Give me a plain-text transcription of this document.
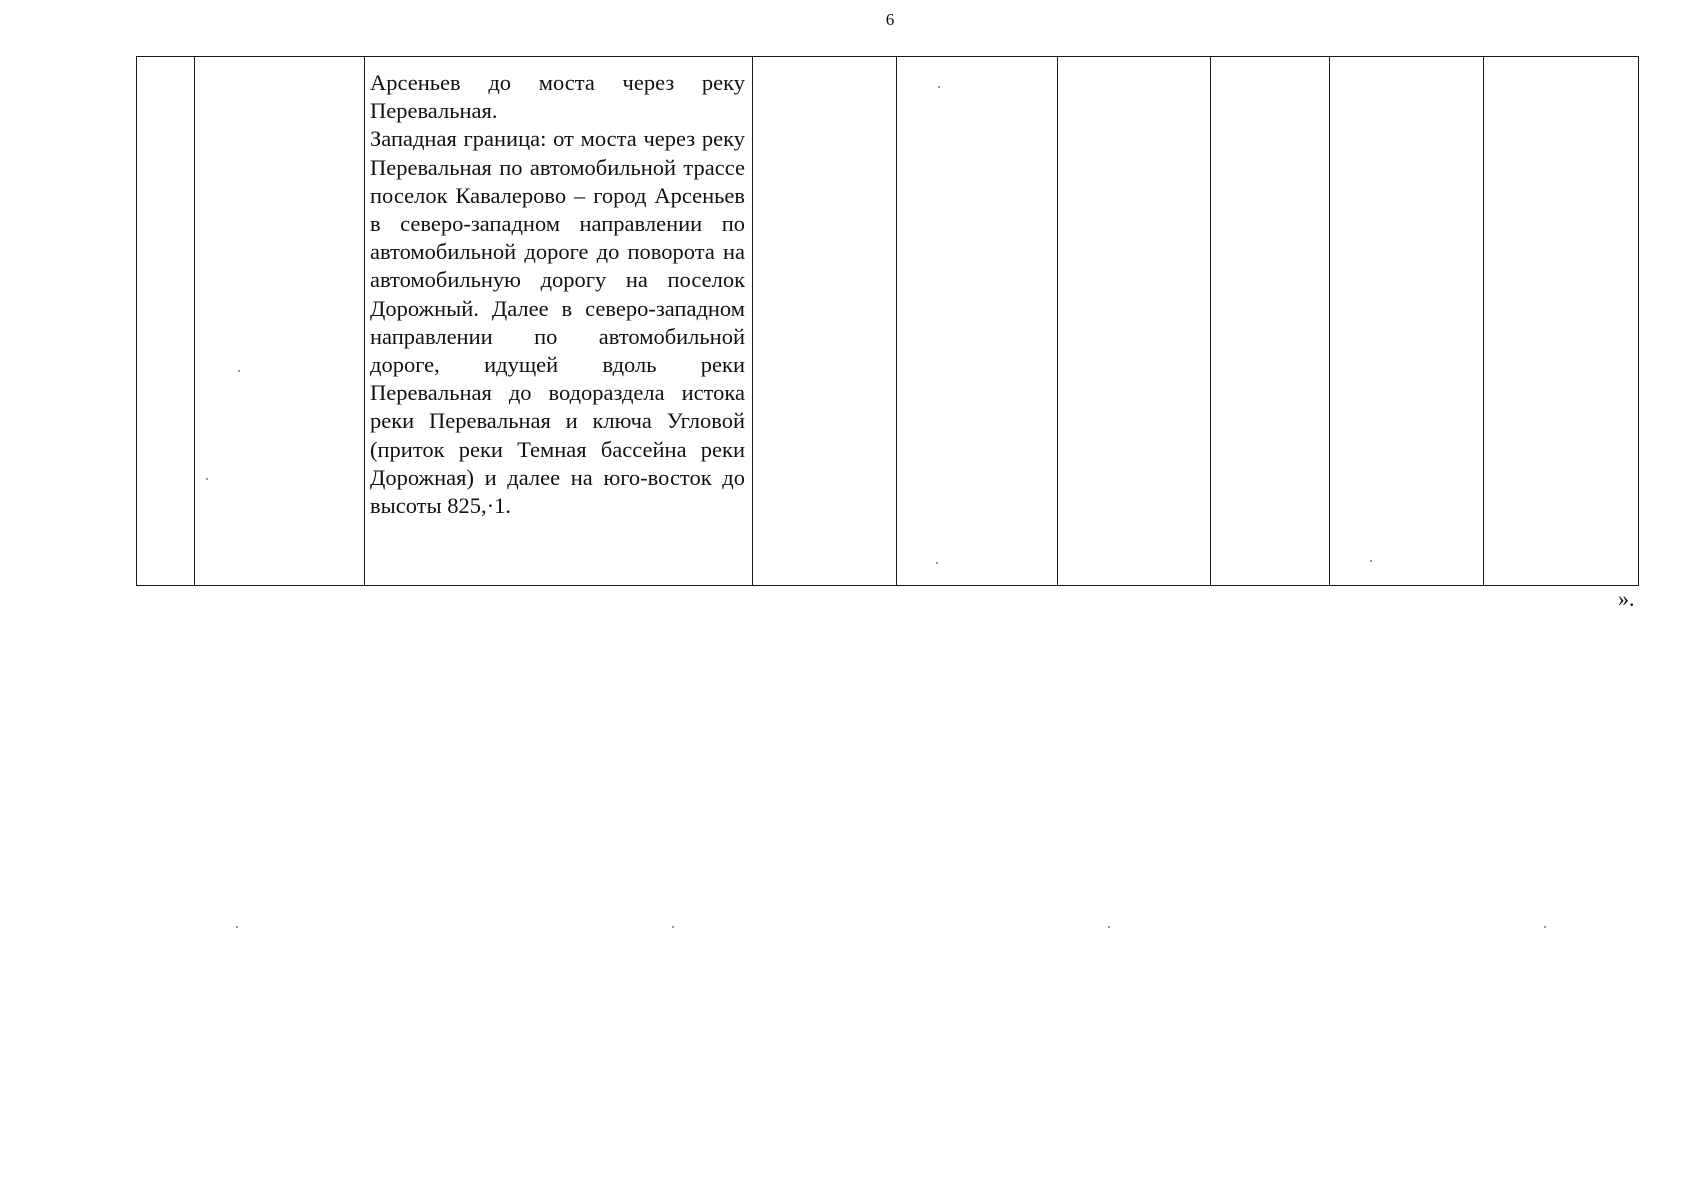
6

Арсеньев до моста через реку Перевальная.

Западная граница: от моста через реку Перевальная по автомобильной трассе поселок Кавалерово – город Арсеньев в северо-западном направлении по автомобильной дороге до поворота на автомобильную дорогу на поселок Дорожный. Далее в северо-западном направлении по автомобильной дороге, идущей вдоль реки Перевальная до водораздела истока реки Перевальная и ключа Угловой (приток реки Темная бассейна реки Дорожная) и далее на юго-восток до высоты 825,·1.

».
